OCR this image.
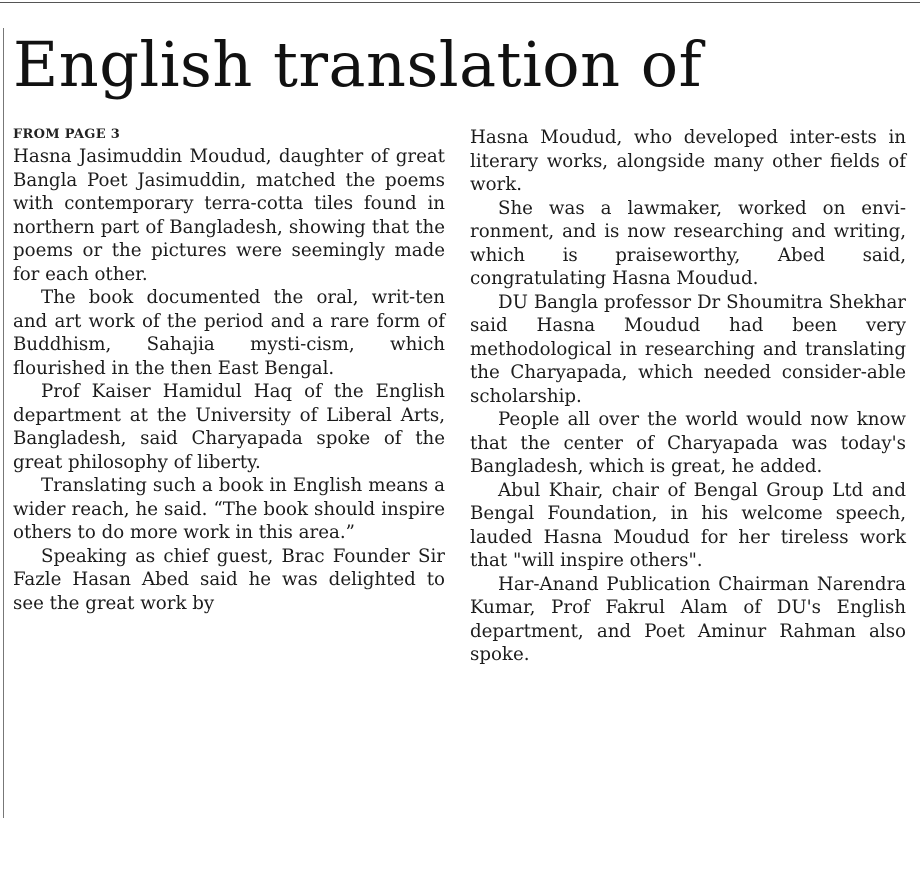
English translation of
FROM PAGE 3

Hasna Jasimuddin Moudud, daughter of great Bangla Poet Jasimuddin, matched the poems with contemporary terra-cotta tiles found in northern part of Bangladesh, showing that the poems or the pictures were seemingly made for each other.

The book documented the oral, writ-ten and art work of the period and a rare form of Buddhism, Sahajia mysti-cism, which flourished in the then East Bengal.

Prof Kaiser Hamidul Haq of the English department at the University of Liberal Arts, Bangladesh, said Charyapada spoke of the great philosophy of liberty.

Translating such a book in English means a wider reach, he said. “The book should inspire others to do more work in this area.”

Speaking as chief guest, Brac Founder Sir Fazle Hasan Abed said he was delighted to see the great work by

Hasna Moudud, who developed inter-ests in literary works, alongside many other fields of work.

She was a lawmaker, worked on envi-ronment, and is now researching and writing, which is praiseworthy, Abed said, congratulating Hasna Moudud.

DU Bangla professor Dr Shoumitra Shekhar said Hasna Moudud had been very methodological in researching and translating the Charyapada, which needed consider-able scholarship.

People all over the world would now know that the center of Charyapada was today's Bangladesh, which is great, he added.

Abul Khair, chair of Bengal Group Ltd and Bengal Foundation, in his welcome speech, lauded Hasna Moudud for her tireless work that "will inspire others".

Har-Anand Publication Chairman Narendra Kumar, Prof Fakrul Alam of DU's English department, and Poet Aminur Rahman also spoke.
